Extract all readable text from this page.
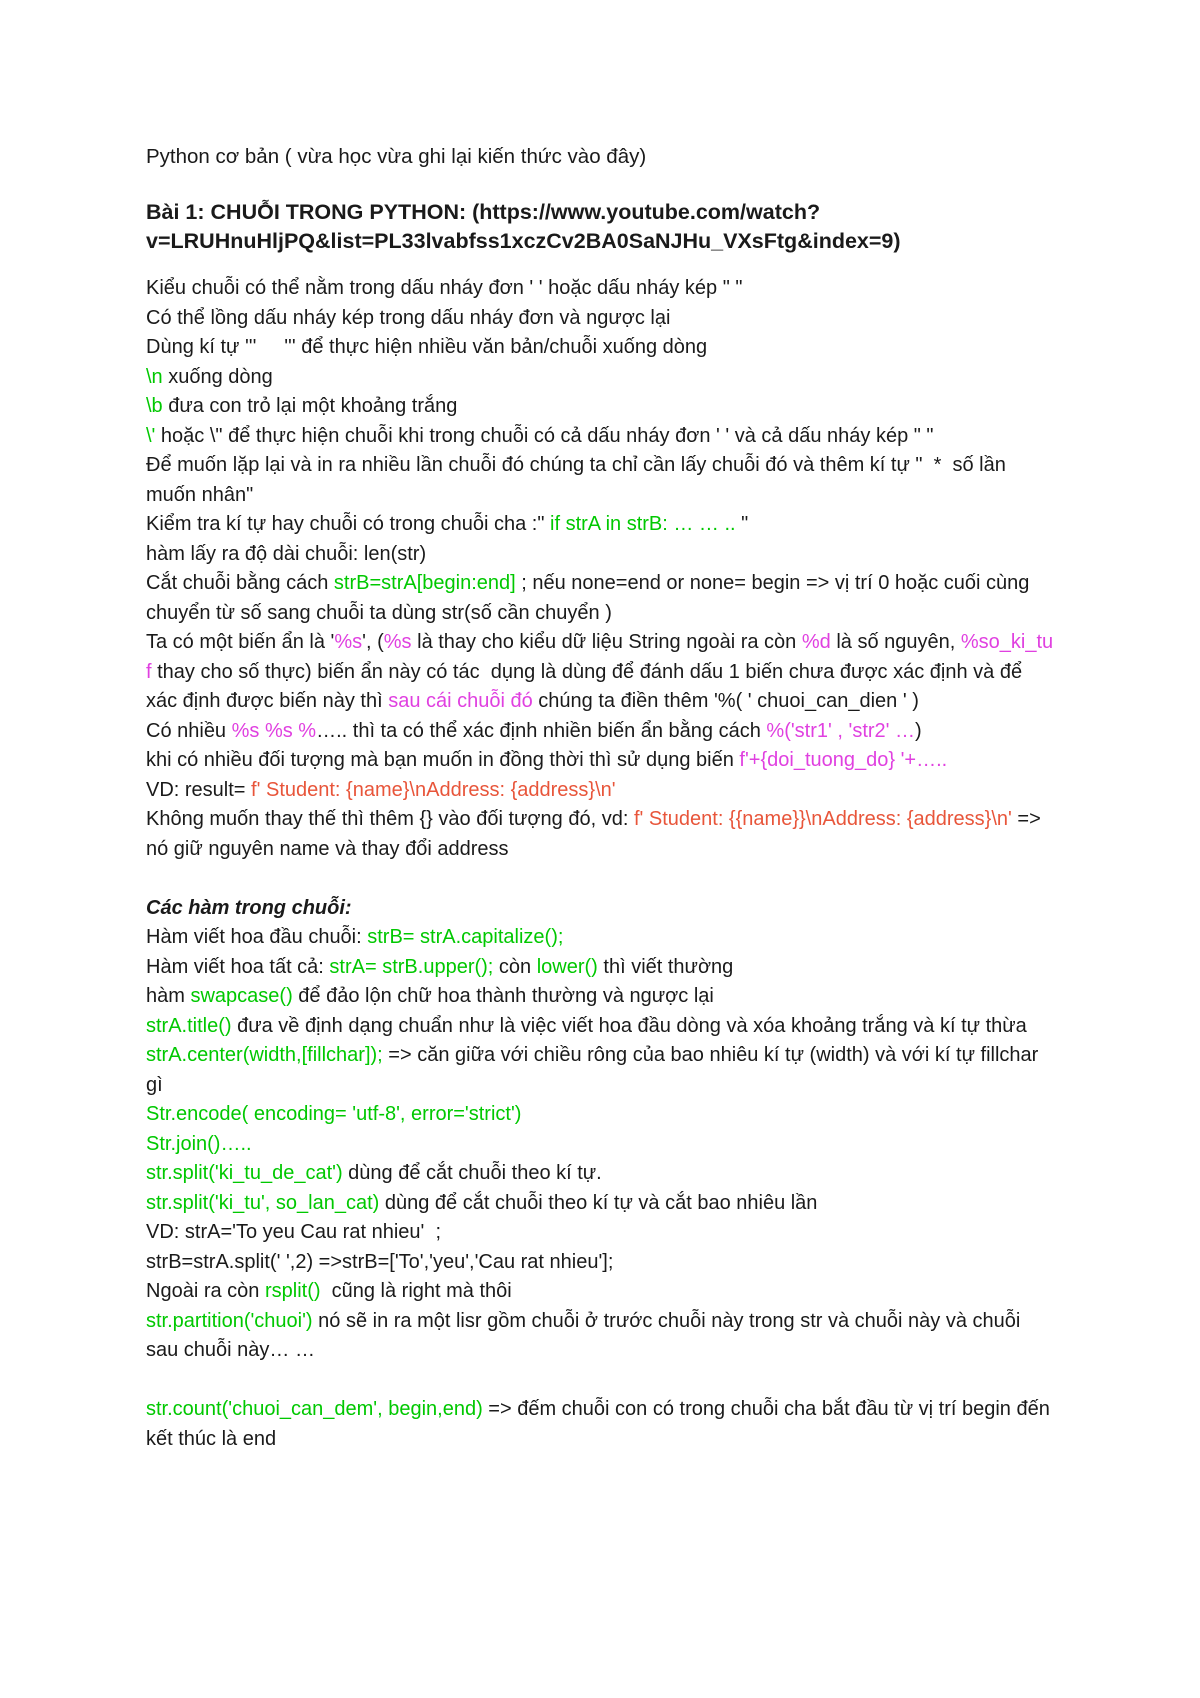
Python cơ bản ( vừa học vừa ghi lại kiến thức vào đây)

Bài 1: CHUỖI TRONG PYTHON: (https://www.youtube.com/watch?v=LRUHnuHljPQ&list=PL33lvabfss1xczCv2BA0SaNJHu_VXsFtg&index=9)

Kiểu chuỗi có thể nằm trong dấu nháy đơn ' ' hoặc dấu nháy kép " "

Có thể lồng dấu nháy kép trong dấu nháy đơn và ngược lại

Dùng kí tự '''     ''' để thực hiện nhiều văn bản/chuỗi xuống dòng

\n xuống dòng

\b đưa con trỏ lại một khoảng trắng

\' hoặc \" để thực hiện chuỗi khi trong chuỗi có cả dấu nháy đơn ' ' và cả dấu nháy kép " "

Để muốn lặp lại và in ra nhiều lần chuỗi đó chúng ta chỉ cần lấy chuỗi đó và thêm kí tự "  *  số lần muốn nhân"

Kiểm tra kí tự hay chuỗi có trong chuỗi cha :" if strA in strB: … … .. "

hàm lấy ra độ dài chuỗi: len(str)

Cắt chuỗi bằng cách strB=strA[begin:end] ; nếu none=end or none= begin => vị trí 0 hoặc cuối cùng

chuyển từ số sang chuỗi ta dùng str(số cần chuyển )

Ta có một biến ẩn là '%s', (%s là thay cho kiểu dữ liệu String ngoài ra còn %d là số nguyên, %so_ki_tu f thay cho số thực) biến ẩn này có tác  dụng là dùng để đánh dấu 1 biến chưa được xác định và để xác định được biến này thì sau cái chuỗi đó chúng ta điền thêm '%( ' chuoi_can_dien ' )

Có nhiều %s %s %….. thì ta có thể xác định nhiền biến ẩn bằng cách %('str1' , 'str2' …)

khi có nhiều đối tượng mà bạn muốn in đồng thời thì sử dụng biến f'+{doi_tuong_do} '+…..

VD: result= f' Student: {name}\nAddress: {address}\n'

Không muốn thay thế thì thêm {} vào đối tượng đó, vd: f' Student: {{name}}\nAddress: {address}\n' => nó giữ nguyên name và thay đổi address

Các hàm trong chuỗi:

Hàm viết hoa đầu chuỗi: strB= strA.capitalize();

Hàm viết hoa tất cả: strA= strB.upper(); còn lower() thì viết thường

hàm swapcase() để đảo lộn chữ hoa thành thường và ngược lại

strA.title() đưa về định dạng chuẩn như là việc viết hoa đầu dòng và xóa khoảng trắng và kí tự thừa

strA.center(width,[fillchar]); => căn giữa với chiều rông của bao nhiêu kí tự (width) và với kí tự fillchar gì

Str.encode( encoding= 'utf-8', error='strict')

Str.join()…..

str.split('ki_tu_de_cat') dùng để cắt chuỗi theo kí tự.

str.split('ki_tu', so_lan_cat) dùng để cắt chuỗi theo kí tự và cắt bao nhiêu lần

VD: strA='To yeu Cau rat nhieu'  ;

strB=strA.split(' ',2) =>strB=['To','yeu','Cau rat nhieu'];

Ngoài ra còn rsplit()  cũng là right mà thôi

str.partition('chuoi') nó sẽ in ra một lisr gồm chuỗi ở trước chuỗi này trong str và chuỗi này và chuỗi sau chuỗi này… …

str.count('chuoi_can_dem', begin,end) => đếm chuỗi con có trong chuỗi cha bắt đầu từ vị trí begin đến kết thúc là end
